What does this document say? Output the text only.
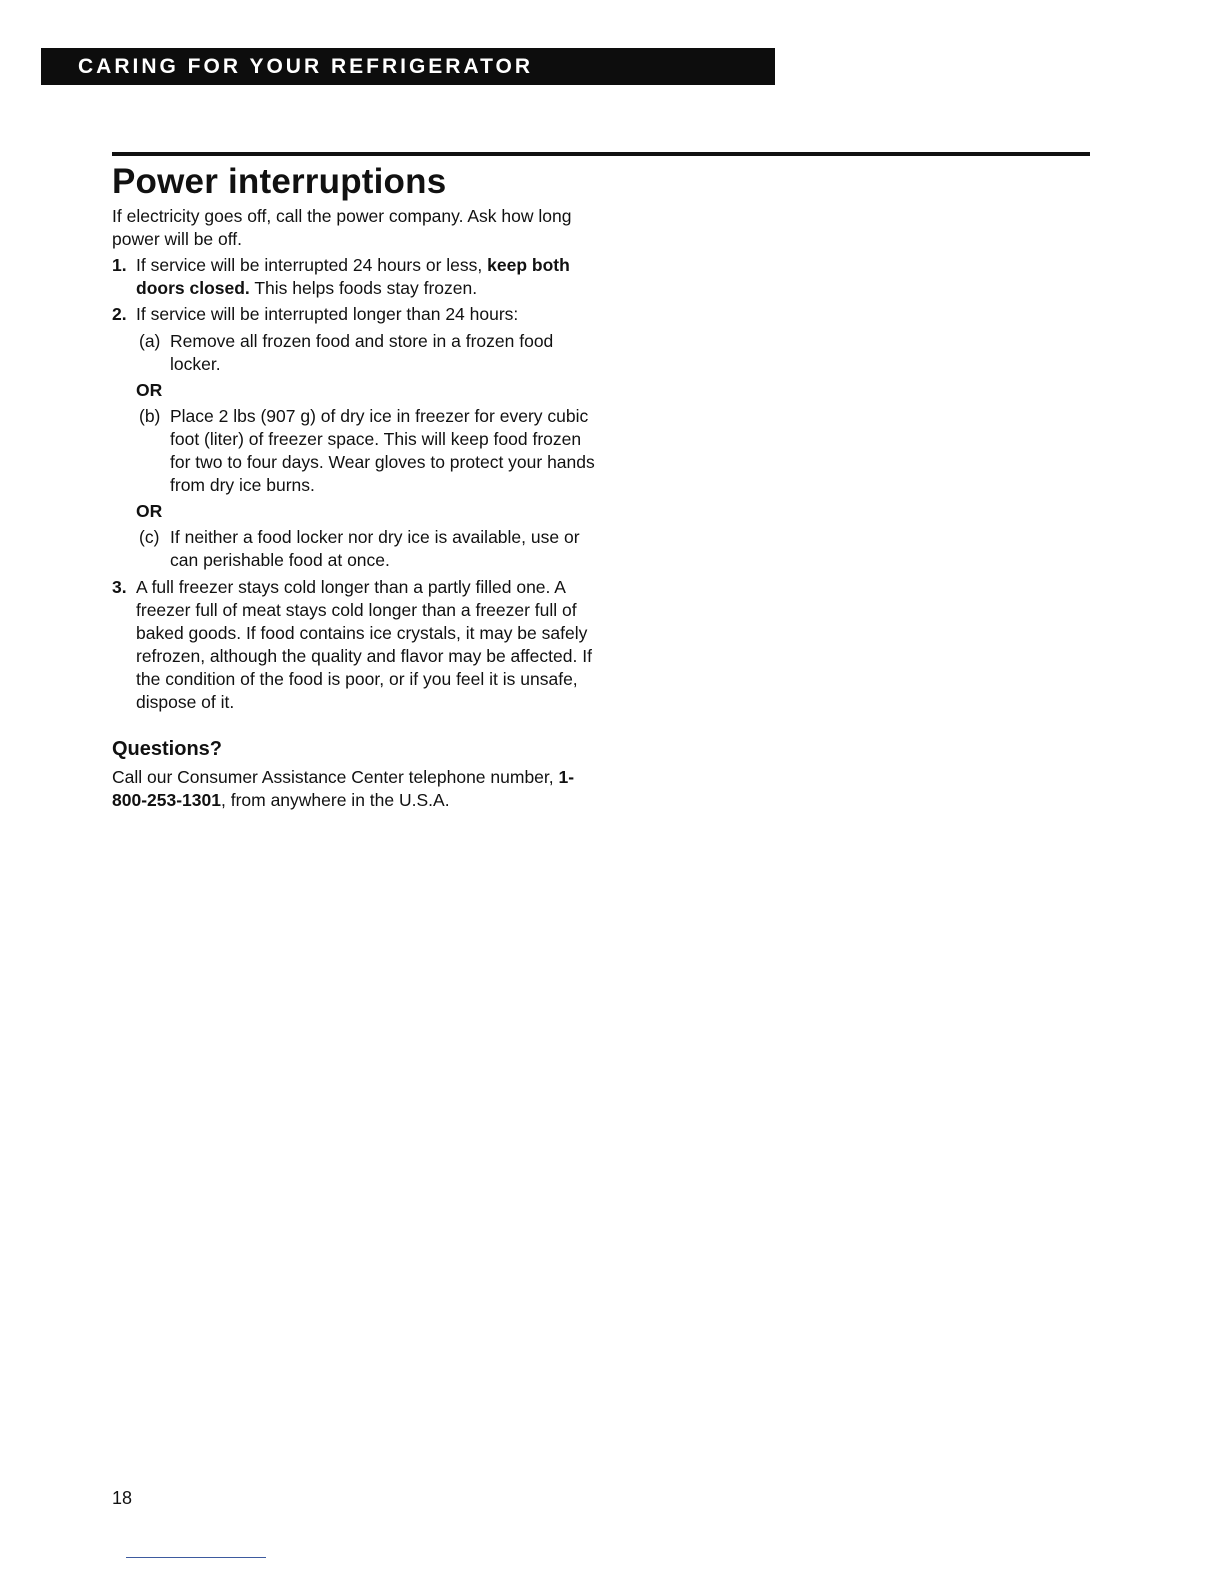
CARING FOR YOUR REFRIGERATOR
Power interruptions

If electricity goes off, call the power company. Ask how long power will be off.

1. If service will be interrupted 24 hours or less, keep both doors closed. This helps foods stay frozen.
2. If service will be interrupted longer than 24 hours:
(a) Remove all frozen food and store in a frozen food locker.
OR
(b) Place 2 lbs (907 g) of dry ice in freezer for every cubic foot (liter) of freezer space. This will keep food frozen for two to four days. Wear gloves to protect your hands from dry ice burns.
OR
(c) If neither a food locker nor dry ice is available, use or can perishable food at once.
3. A full freezer stays cold longer than a partly filled one. A freezer full of meat stays cold longer than a freezer full of baked goods. If food contains ice crystals, it may be safely refrozen, although the quality and flavor may be affected. If the condition of the food is poor, or if you feel it is unsafe, dispose of it.
Questions?

Call our Consumer Assistance Center telephone number, 1-800-253-1301, from anywhere in the U.S.A.

18
